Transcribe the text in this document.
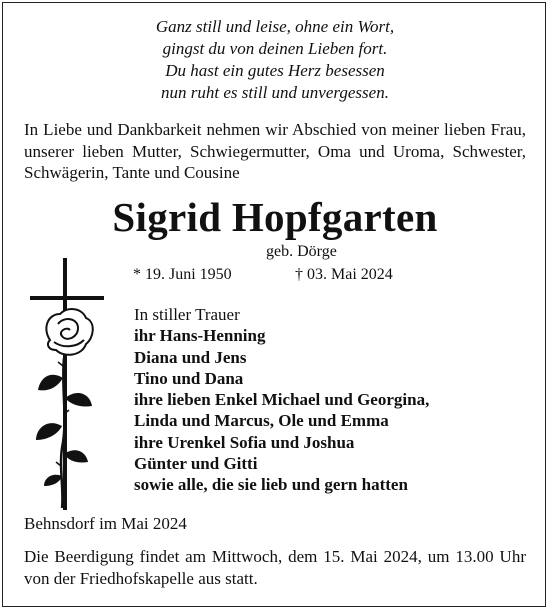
Ganz still und leise, ohne ein Wort,
gingst du von deinen Lieben fort.
Du hast ein gutes Herz besessen
nun ruht es still und unvergessen.
In Liebe und Dankbarkeit nehmen wir Abschied von meiner lieben Frau, unserer lieben Mutter, Schwiegermutter, Oma und Uroma, Schwester, Schwägerin, Tante und Cousine
Sigrid Hopfgarten
geb. Dörge
* 19. Juni 1950	† 03. Mai 2024
In stiller Trauer
ihr Hans-Henning
Diana und Jens
Tino und Dana
ihre lieben Enkel Michael und Georgina,
Linda und Marcus, Ole und Emma
ihre Urenkel Sofia und Joshua
Günter und Gitti
sowie alle, die sie lieb und gern hatten
Behnsdorf im Mai 2024
Die Beerdigung findet am Mittwoch, dem 15. Mai 2024, um 13.00 Uhr von der Friedhofskapelle aus statt.
